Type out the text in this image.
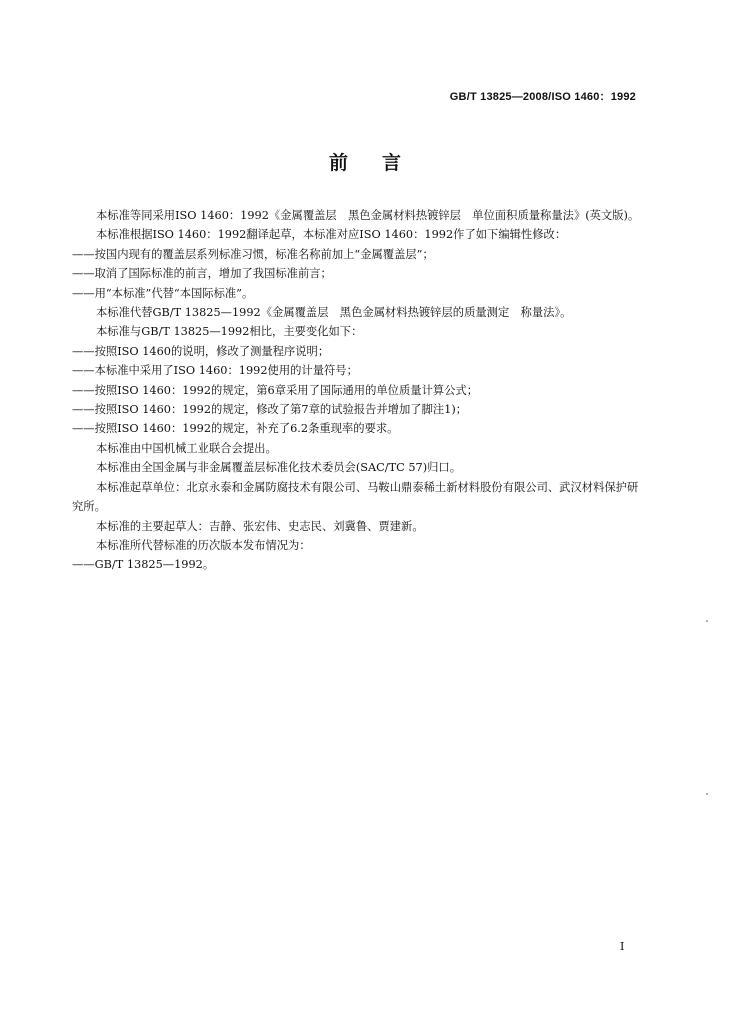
GB/T 13825—2008/ISO 1460：1992
前言

本标准等同采用ISO 1460：1992《金属覆盖层　黑色金属材料热镀锌层　单位面积质量称量法》(英文版)。

本标准根据ISO 1460：1992翻译起草，本标准对应ISO 1460：1992作了如下编辑性修改：

——按国内现有的覆盖层系列标准习惯，标准名称前加上“金属覆盖层”；

——取消了国际标准的前言，增加了我国标准前言；

——用“本标准”代替“本国际标准”。

本标准代替GB/T 13825—1992《金属覆盖层　黑色金属材料热镀锌层的质量测定　称量法》。

本标准与GB/T 13825—1992相比，主要变化如下：

——按照ISO 1460的说明，修改了测量程序说明；

——本标准中采用了ISO 1460：1992使用的计量符号；

——按照ISO 1460：1992的规定，第6章采用了国际通用的单位质量计算公式；

——按照ISO 1460：1992的规定，修改了第7章的试验报告并增加了脚注1)；

——按照ISO 1460：1992的规定，补充了6.2条重现率的要求。

本标准由中国机械工业联合会提出。

本标准由全国金属与非金属覆盖层标准化技术委员会(SAC/TC 57)归口。

本标准起草单位：北京永泰和金属防腐技术有限公司、马鞍山鼎泰稀土新材料股份有限公司、武汉材料保护研究所。

本标准的主要起草人：吉静、张宏伟、史志民、刘冀鲁、贾建新。

本标准所代替标准的历次版本发布情况为：

——GB/T 13825—1992。

I
